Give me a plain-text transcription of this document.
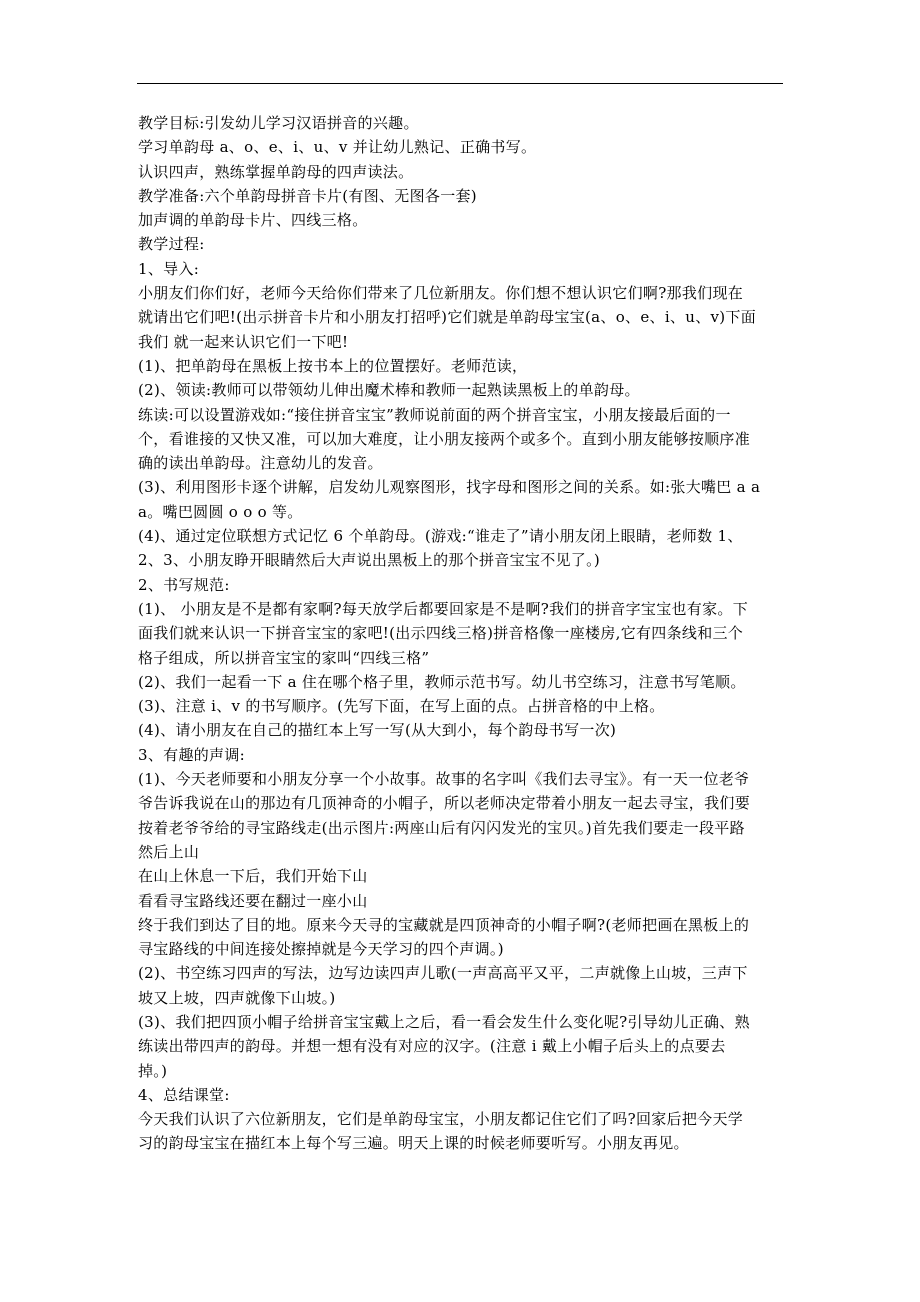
教学目标:引发幼儿学习汉语拼音的兴趣。
学习单韵母 a、o、e、i、u、v 并让幼儿熟记、正确书写。
认识四声，熟练掌握单韵母的四声读法。
教学准备:六个单韵母拼音卡片(有图、无图各一套)
加声调的单韵母卡片、四线三格。
教学过程:
1、导入:
小朋友们你们好，老师今天给你们带来了几位新朋友。你们想不想认识它们啊?那我们现在
就请出它们吧!(出示拼音卡片和小朋友打招呼)它们就是单韵母宝宝(a、o、e、i、u、v)下面
我们 就一起来认识它们一下吧!
(1)、把单韵母在黑板上按书本上的位置摆好。老师范读，
(2)、领读:教师可以带领幼儿伸出魔术棒和教师一起熟读黑板上的单韵母。
练读:可以设置游戏如:“接住拼音宝宝”教师说前面的两个拼音宝宝，小朋友接最后面的一
个，看谁接的又快又准，可以加大难度，让小朋友接两个或多个。直到小朋友能够按顺序准
确的读出单韵母。注意幼儿的发音。
(3)、利用图形卡逐个讲解，启发幼儿观察图形，找字母和图形之间的关系。如:张大嘴巴 a a
a。嘴巴圆圆 o o o 等。
(4)、通过定位联想方式记忆 6 个单韵母。(游戏:“谁走了”请小朋友闭上眼睛，老师数 1、
2、3、小朋友睁开眼睛然后大声说出黑板上的那个拼音宝宝不见了。)
2、书写规范:
(1)、 小朋友是不是都有家啊?每天放学后都要回家是不是啊?我们的拼音字宝宝也有家。下
面我们就来认识一下拼音宝宝的家吧!(出示四线三格)拼音格像一座楼房,它有四条线和三个
格子组成，所以拼音宝宝的家叫“四线三格”
(2)、我们一起看一下 a 住在哪个格子里，教师示范书写。幼儿书空练习，注意书写笔顺。
(3)、注意 i、v 的书写顺序。(先写下面，在写上面的点。占拼音格的中上格。
(4)、请小朋友在自己的描红本上写一写(从大到小，每个韵母书写一次)
3、有趣的声调:
(1)、今天老师要和小朋友分享一个小故事。故事的名字叫《我们去寻宝》。有一天一位老爷
爷告诉我说在山的那边有几顶神奇的小帽子，所以老师决定带着小朋友一起去寻宝，我们要
按着老爷爷给的寻宝路线走(出示图片:两座山后有闪闪发光的宝贝。)首先我们要走一段平路
然后上山
在山上休息一下后，我们开始下山
看看寻宝路线还要在翻过一座小山
终于我们到达了目的地。原来今天寻的宝藏就是四顶神奇的小帽子啊?(老师把画在黑板上的
寻宝路线的中间连接处擦掉就是今天学习的四个声调。)
(2)、书空练习四声的写法，边写边读四声儿歌(一声高高平又平，二声就像上山坡，三声下
坡又上坡，四声就像下山坡。)
(3)、我们把四顶小帽子给拼音宝宝戴上之后，看一看会发生什么变化呢?引导幼儿正确、熟
练读出带四声的韵母。并想一想有没有对应的汉字。(注意 i 戴上小帽子后头上的点要去
掉。)
4、总结课堂:
今天我们认识了六位新朋友，它们是单韵母宝宝，小朋友都记住它们了吗?回家后把今天学
习的韵母宝宝在描红本上每个写三遍。明天上课的时候老师要听写。小朋友再见。
